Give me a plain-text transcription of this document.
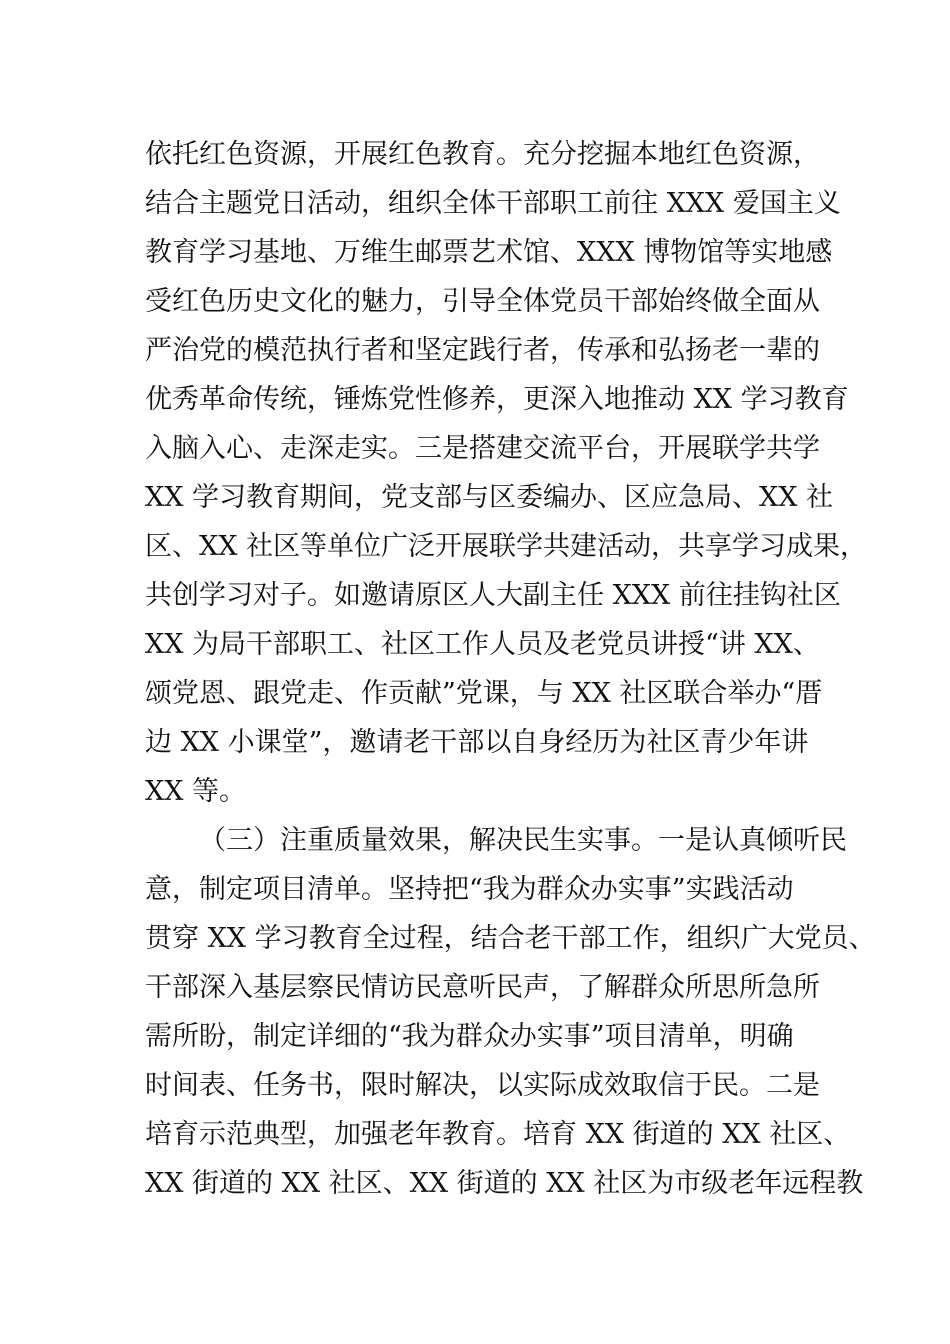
依托红色资源，开展红色教育。充分挖掘本地红色资源，
结合主题党日活动，组织全体干部职工前往 XXX 爱国主义
教育学习基地、万维生邮票艺术馆、XXX 博物馆等实地感
受红色历史文化的魅力，引导全体党员干部始终做全面从
严治党的模范执行者和坚定践行者，传承和弘扬老一辈的
优秀革命传统，锤炼党性修养，更深入地推动 XX 学习教育
入脑入心、走深走实。三是搭建交流平台，开展联学共学
XX 学习教育期间，党支部与区委编办、区应急局、XX 社
区、XX 社区等单位广泛开展联学共建活动，共享学习成果，
共创学习对子。如邀请原区人大副主任 XXX 前往挂钩社区
XX 为局干部职工、社区工作人员及老党员讲授“讲 XX、
颂党恩、跟党走、作贡献”党课，与 XX 社区联合举办“厝
边 XX 小课堂”，邀请老干部以自身经历为社区青少年讲
XX 等。
（三）注重质量效果，解决民生实事。一是认真倾听民
意，制定项目清单。坚持把“我为群众办实事”实践活动
贯穿 XX 学习教育全过程，结合老干部工作，组织广大党员、
干部深入基层察民情访民意听民声，了解群众所思所急所
需所盼，制定详细的“我为群众办实事”项目清单，明确
时间表、任务书，限时解决，以实际成效取信于民。二是
培育示范典型，加强老年教育。培育 XX 街道的 XX 社区、
XX 街道的 XX 社区、XX 街道的 XX 社区为市级老年远程教
